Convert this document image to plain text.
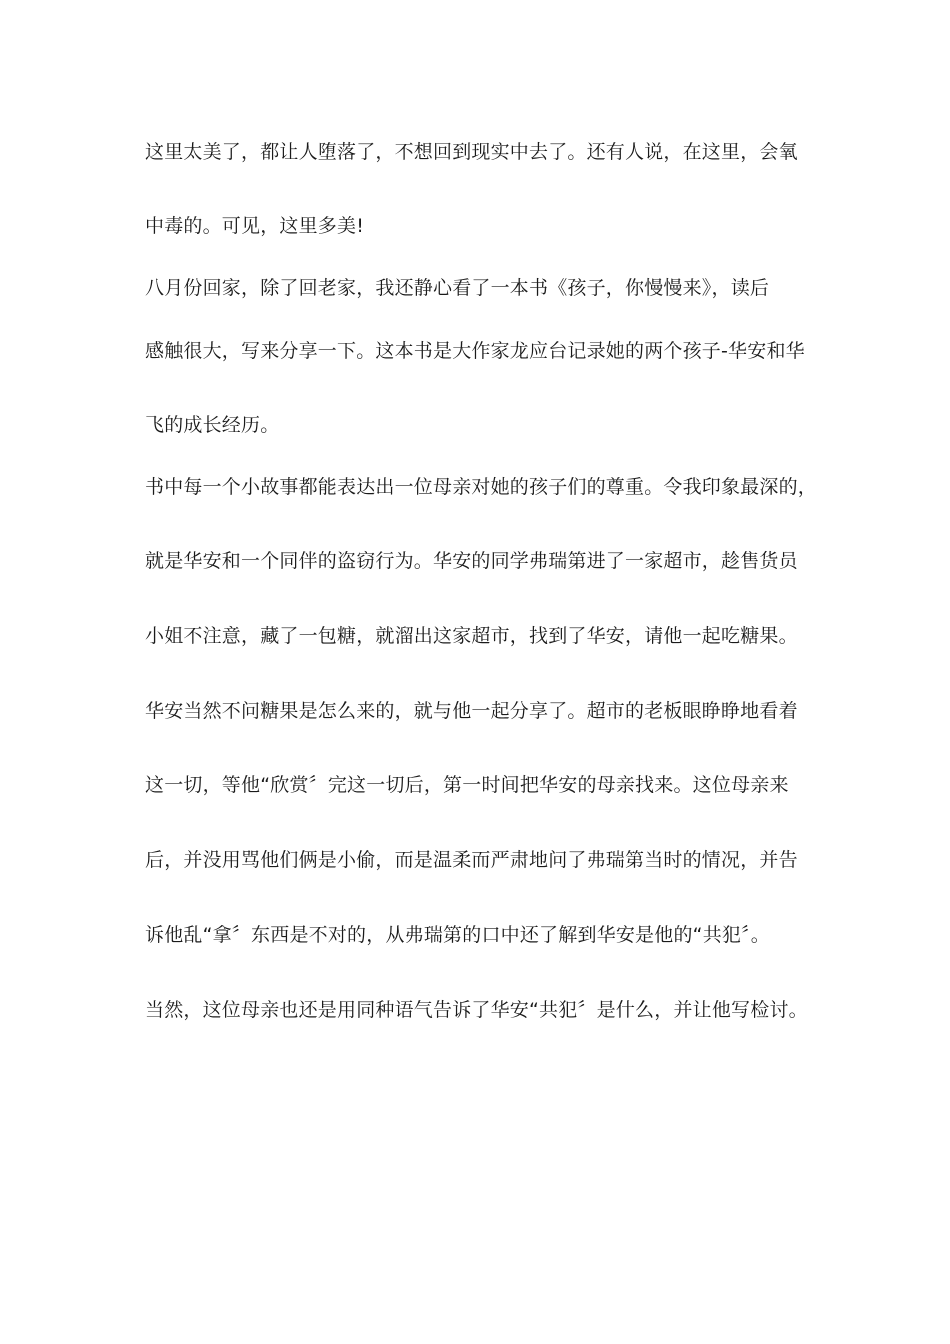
这里太美了，都让人堕落了，不想回到现实中去了。还有人说，在这里，会氧
中毒的。可见，这里多美!
八月份回家，除了回老家，我还静心看了一本书《孩子，你慢慢来》，读后
感触很大，写来分享一下。这本书是大作家龙应台记录她的两个孩子-华安和华
飞的成长经历。
书中每一个小故事都能表达出一位母亲对她的孩子们的尊重。令我印象最深的，
就是华安和一个同伴的盗窃行为。华安的同学弗瑞第进了一家超市，趁售货员
小姐不注意，藏了一包糖，就溜出这家超市，找到了华安，请他一起吃糖果。
华安当然不问糖果是怎么来的，就与他一起分享了。超市的老板眼睁睁地看着
这一切，等他“欣赏〞完这一切后，第一时间把华安的母亲找来。这位母亲来
后，并没用骂他们俩是小偷，而是温柔而严肃地问了弗瑞第当时的情况，并告
诉他乱“拿〞东西是不对的，从弗瑞第的口中还了解到华安是他的“共犯〞。
当然，这位母亲也还是用同种语气告诉了华安“共犯〞是什么，并让他写检讨。
